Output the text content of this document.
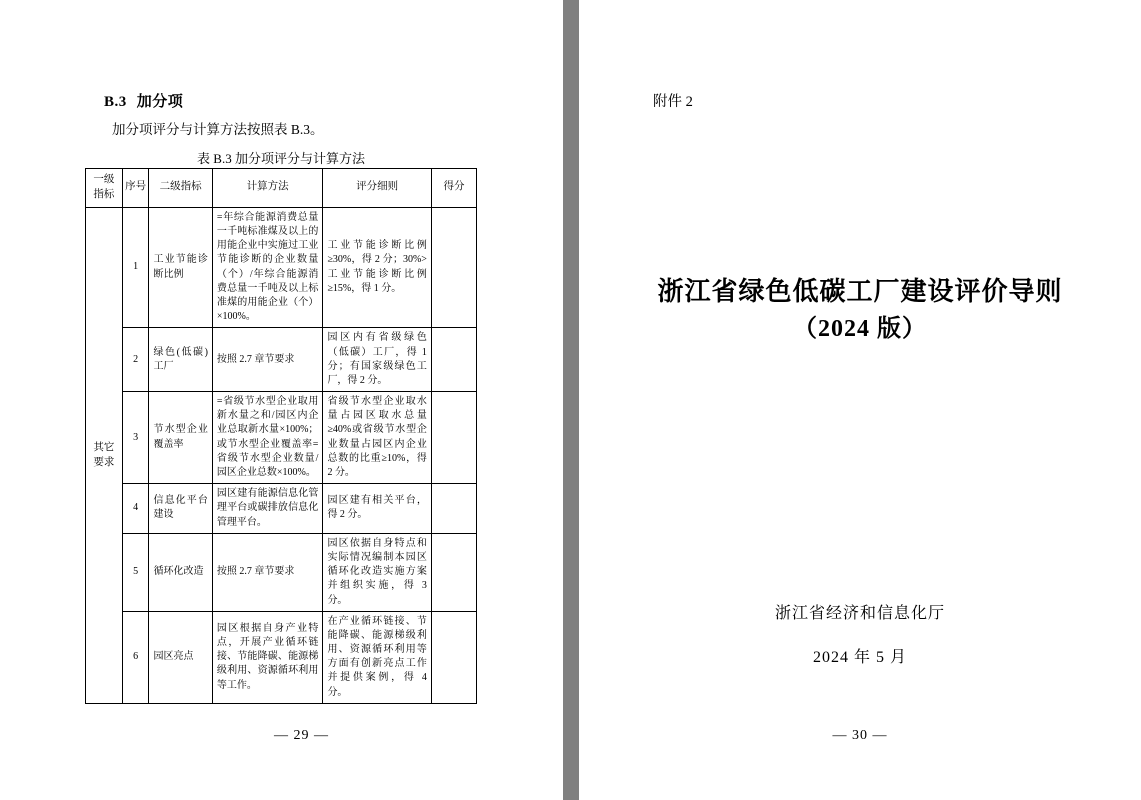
B.3 加分项
加分项评分与计算方法按照表 B.3。
表 B.3 加分项评分与计算方法
一级
指标	序号	二级指标	计算方法	评分细则	得分

其它
要求	1	工业节能诊断比例	=年综合能源消费总量一千吨标准煤及以上的用能企业中实施过工业节能诊断的企业数量（个）/年综合能源消费总量一千吨及以上标准煤的用能企业（个）×100%。	工业节能诊断比例≥30%，得 2 分；30%>工业节能诊断比例≥15%，得 1 分。	
	2	绿色(低碳)工厂	按照 2.7 章节要求	园区内有省级绿色（低碳）工厂，得 1 分；有国家级绿色工厂，得 2 分。	
	3	节水型企业覆盖率	=省级节水型企业取用新水量之和/园区内企业总取新水量×100%；或节水型企业覆盖率=省级节水型企业数量/园区企业总数×100%。	省级节水型企业取水量占园区取水总量≥40%或省级节水型企业数量占园区内企业总数的比重≥10%，得 2 分。	
	4	信息化平台建设	园区建有能源信息化管理平台或碳排放信息化管理平台。	园区建有相关平台，得 2 分。	
	5	循环化改造	按照 2.7 章节要求	园区依据自身特点和实际情况编制本园区循环化改造实施方案并组织实施，得 3 分。	
	6	园区亮点	园区根据自身产业特点，开展产业循环链接、节能降碳、能源梯级利用、资源循环利用等工作。	在产业循环链接、节能降碳、能源梯级利用、资源循环利用等方面有创新亮点工作并提供案例，得 4 分。	
— 29 —
附件 2
浙江省绿色低碳工厂建设评价导则
（2024 版）
浙江省经济和信息化厅
2024 年 5 月
— 30 —
